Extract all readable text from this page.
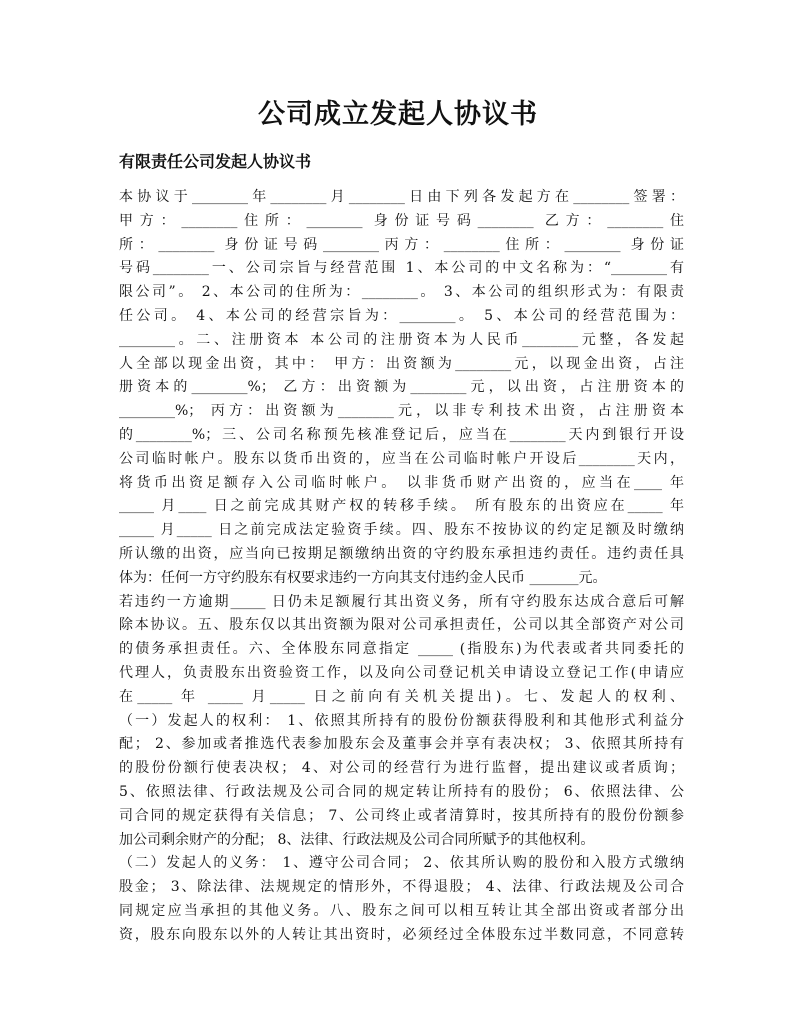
公司成立发起人协议书
有限责任公司发起人协议书
本协议于________年________月________日由下列各发起方在________签署：
甲方：________住所：________ 身份证号码________ 乙方：________住
所：________ 身份证号码________丙方：________住所：________ 身份证
号码________一、公司宗旨与经营范围 1、本公司的中文名称为：“________有
限公司”。 2、本公司的住所为：________。 3、本公司的组织形式为：有限责
任公司。 4、本公司的经营宗旨为：________。 5、本公司的经营范围为：
________。二、注册资本 本公司的注册资本为人民币________元整，各发起
人全部以现金出资，其中： 甲方：出资额为________元，以现金出资，占注
册资本的________%； 乙方：出资额为________元，以出资，占注册资本的
________%； 丙方：出资额为________元，以非专利技术出资，占注册资本
的________%；三、公司名称预先核准登记后，应当在________天内到银行开设
公司临时帐户。股东以货币出资的，应当在公司临时帐户开设后________天内，
将货币出资足额存入公司临时帐户。 以非货币财产出资的，应当在____ 年
_____ 月____ 日之前完成其财产权的转移手续。 所有股东的出资应在_____ 年
_____ 月_____ 日之前完成法定验资手续。四、股东不按协议的约定足额及时缴纳
所认缴的出资，应当向已按期足额缴纳出资的守约股东承担违约责任。违约责任具
体为：任何一方守约股东有权要求违约一方向其支付违约金人民币 _______元。
若违约一方逾期_____ 日仍未足额履行其出资义务，所有守约股东达成合意后可解
除本协议。五、股东仅以其出资额为限对公司承担责任，公司以其全部资产对公司
的债务承担责任。六、全体股东同意指定 _____ (指股东)为代表或者共同委托的
代理人，负责股东出资验资工作，以及向公司登记机关申请设立登记工作(申请应
在_____ 年 _____ 月_____ 日之前向有关机关提出)。七、发起人的权利、
（一）发起人的权利： 1、依照其所持有的股份份额获得股利和其他形式利益分
配； 2、参加或者推选代表参加股东会及董事会并享有表决权； 3、依照其所持有
的股份份额行使表决权； 4、对公司的经营行为进行监督，提出建议或者质询；
5、依照法律、行政法规及公司合同的规定转让所持有的股份； 6、依照法律、公
司合同的规定获得有关信息； 7、公司终止或者清算时，按其所持有的股份份额参
加公司剩余财产的分配； 8、法律、行政法规及公司合同所赋予的其他权利。
（二）发起人的义务： 1、遵守公司合同； 2、依其所认购的股份和入股方式缴纳
股金； 3、除法律、法规规定的情形外，不得退股； 4、法律、行政法规及公司合
同规定应当承担的其他义务。八、股东之间可以相互转让其全部出资或者部分出
资，股东向股东以外的人转让其出资时，必须经过全体股东过半数同意，不同意转
